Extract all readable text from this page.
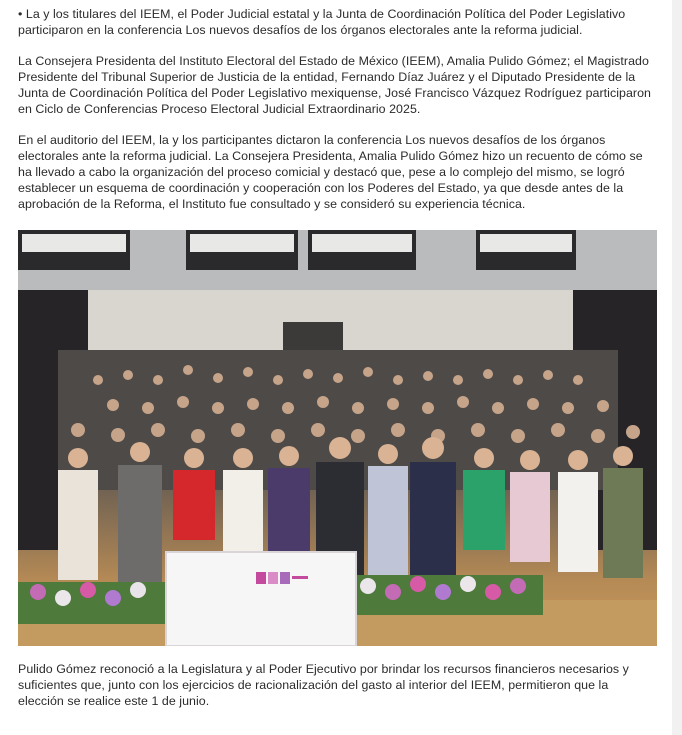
• La y los titulares del IEEM, el Poder Judicial estatal y la Junta de Coordinación Política del Poder Legislativo participaron en la conferencia Los nuevos desafíos de los órganos electorales ante la reforma judicial.

La Consejera Presidenta del Instituto Electoral del Estado de México (IEEM), Amalia Pulido Gómez; el Magistrado Presidente del Tribunal Superior de Justicia de la entidad, Fernando Díaz Juárez y el Diputado Presidente de la Junta de Coordinación Política del Poder Legislativo mexiquense, José Francisco Vázquez Rodríguez participaron en Ciclo de Conferencias Proceso Electoral Judicial Extraordinario 2025.

En el auditorio del IEEM, la y los participantes dictaron la conferencia Los nuevos desafíos de los órganos electorales ante la reforma judicial. La Consejera Presidenta, Amalia Pulido Gómez hizo un recuento de cómo se ha llevado a cabo la organización del proceso comicial y destacó que, pese a lo complejo del mismo, se logró establecer un esquema de coordinación y cooperación con los Poderes del Estado, ya que desde antes de la aprobación de la Reforma, el Instituto fue consultado y se consideró su experiencia técnica.

Pulido Gómez reconoció a la Legislatura y al Poder Ejecutivo por brindar los recursos financieros necesarios y suficientes que, junto con los ejercicios de racionalización del gasto al interior del IEEM, permitieron que la elección se realice este 1 de junio.
